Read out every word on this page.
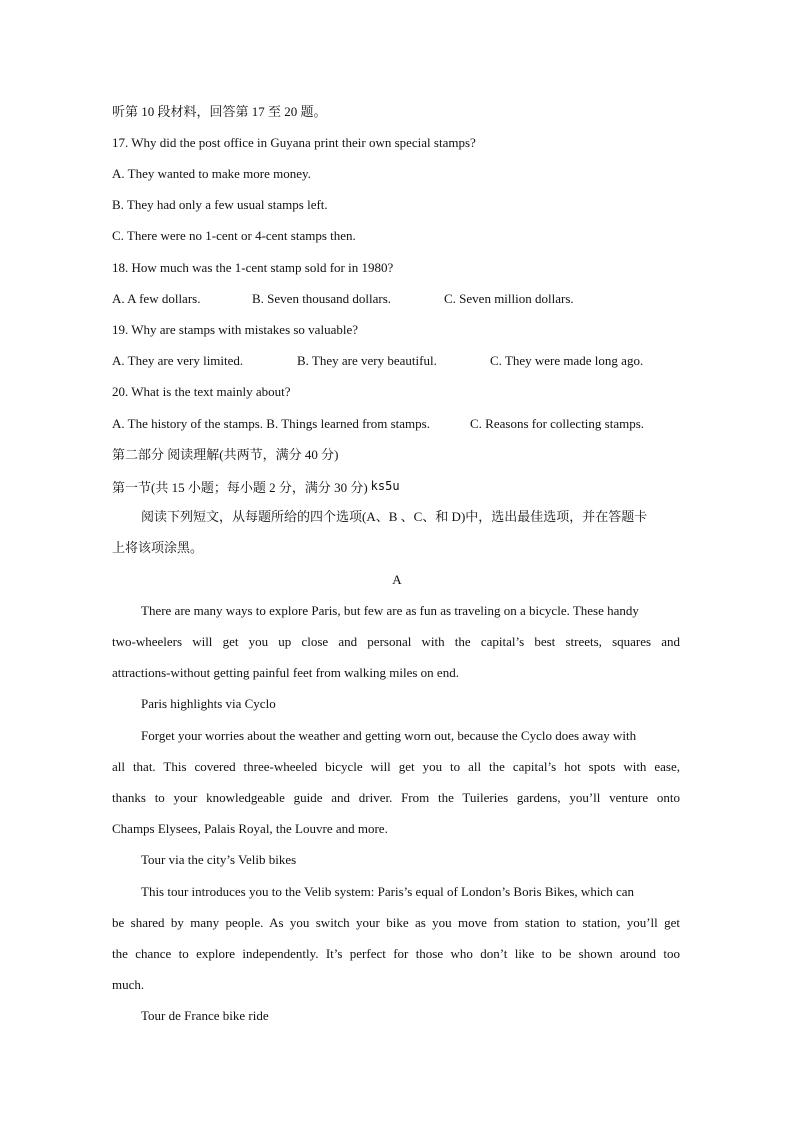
听第 10 段材料，回答第 17 至 20 题。
17. Why did the post office in Guyana print their own special stamps?
A. They wanted to make more money.
B. They had only a few usual stamps left.
C. There were no 1-cent or 4-cent stamps then.
18. How much was the 1-cent stamp sold for in 1980?
A. A few dollars.	B. Seven thousand dollars.	C. Seven million dollars.
19. Why are stamps with mistakes so valuable?
A. They are very limited.	B. They are very beautiful.	C. They were made long ago.
20. What is the text mainly about?
A. The history of the stamps. B. Things learned from stamps.	C. Reasons for collecting stamps.
第二部分 阅读理解(共两节，满分 40 分)
第一节(共 15 小题；每小题 2 分，满分 30 分) ks5u
阅读下列短文，从每题所给的四个选项(A、B 、C、和 D)中，选出最佳选项，并在答题卡
上将该项涂黑。
A
There are many ways to explore Paris, but few are as fun as traveling on a bicycle. These handy
two-wheelers will get you up close and personal with the capital’s best streets, squares and
attractions-without getting painful feet from walking miles on end.
Paris highlights via Cyclo
Forget your worries about the weather and getting worn out, because the Cyclo does away with
all that. This covered three-wheeled bicycle will get you to all the capital’s hot spots with ease,
thanks to your knowledgeable guide and driver. From the Tuileries gardens, you’ll venture onto
Champs Elysees, Palais Royal, the Louvre and more.
Tour via the city’s Velib bikes
This tour introduces you to the Velib system: Paris’s equal of London’s Boris Bikes, which can
be shared by many people. As you switch your bike as you move from station to station, you’ll get
the chance to explore independently. It’s perfect for those who don’t like to be shown around too
much.
Tour de France bike ride
